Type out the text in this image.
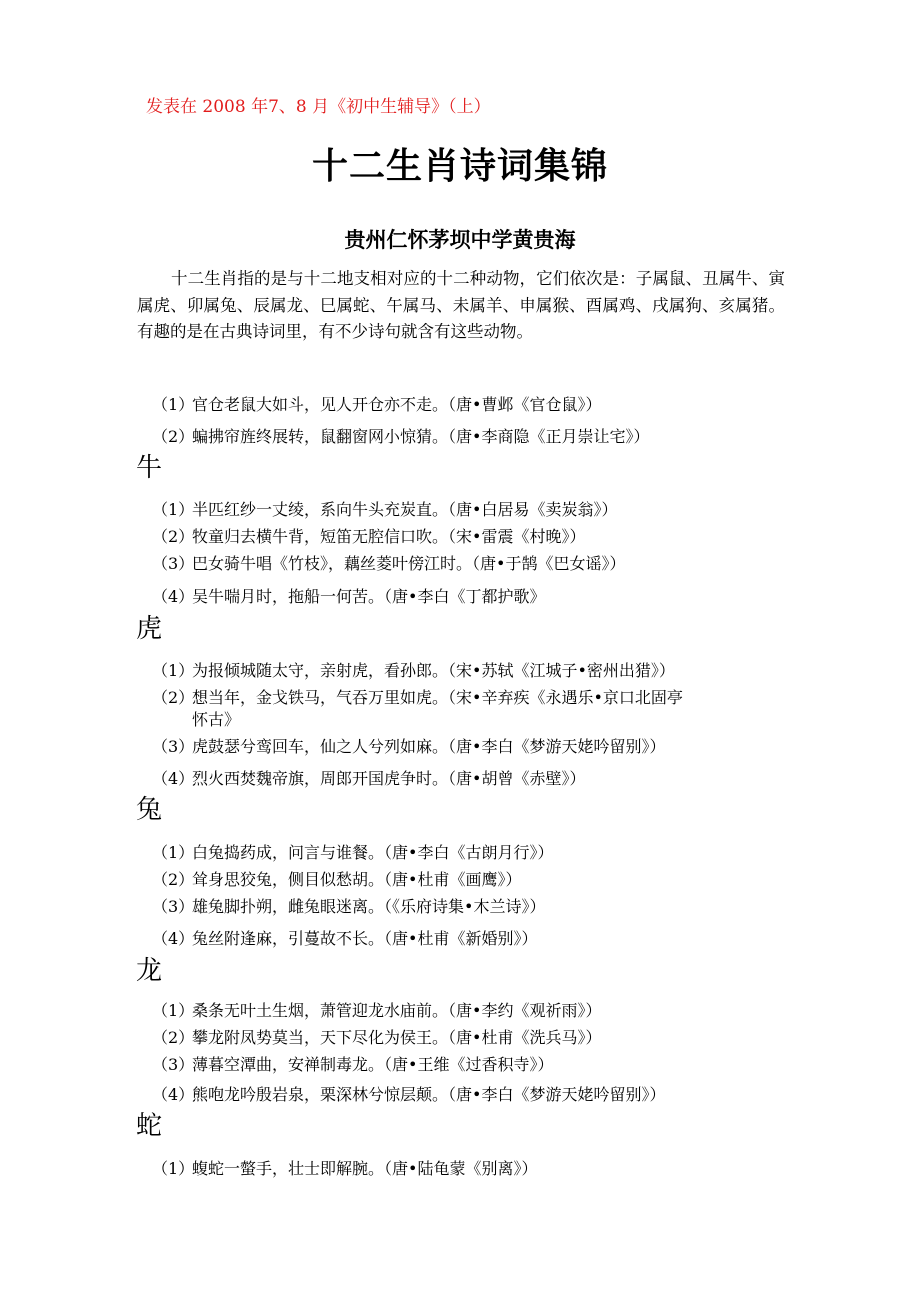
发表在 2008 年7、8 月《初中生辅导》（上）
十二生肖诗词集锦
贵州仁怀茅坝中学黄贵海

十二生肖指的是与十二地支相对应的十二种动物，它们依次是：子属鼠、丑属牛、寅属虎、卯属兔、辰属龙、巳属蛇、午属马、未属羊、申属猴、酉属鸡、戌属狗、亥属猪。有趣的是在古典诗词里，有不少诗句就含有这些动物。

（1）官仓老鼠大如斗，见人开仓亦不走。（唐•曹邺《官仓鼠》）
（2）蝙拂帘旌终展转，鼠翻窗网小惊猜。（唐•李商隐《正月崇让宅》）
牛
（1）半匹红纱一丈绫，系向牛头充炭直。（唐•白居易《卖炭翁》）
（2）牧童归去横牛背，短笛无腔信口吹。（宋•雷震《村晚》）
（3）巴女骑牛唱《竹枝》，藕丝菱叶傍江时。（唐•于鹄《巴女谣》）
（4）吴牛喘月时，拖船一何苦。（唐•李白《丁都护歌》
虎
（1）为报倾城随太守，亲射虎，看孙郎。（宋•苏轼《江城子•密州出猎》）
（2）想当年，金戈铁马，气吞万里如虎。（宋•辛弃疾《永遇乐•京口北固亭
怀古》
（3）虎鼓瑟兮鸾回车，仙之人兮列如麻。（唐•李白《梦游天姥吟留别》）
（4）烈火西焚魏帝旗，周郎开国虎争时。（唐•胡曾《赤壁》）
兔
（1）白兔捣药成，问言与谁餐。（唐•李白《古朗月行》）
（2）耸身思狡兔，侧目似愁胡。（唐•杜甫《画鹰》）
（3）雄兔脚扑朔，雌兔眼迷离。（《乐府诗集•木兰诗》）
（4）兔丝附逢麻，引蔓故不长。（唐•杜甫《新婚别》）
龙
（1）桑条无叶土生烟，萧管迎龙水庙前。（唐•李约《观祈雨》）
（2）攀龙附凤势莫当，天下尽化为侯王。（唐•杜甫《洗兵马》）
（3）薄暮空潭曲，安禅制毒龙。（唐•王维《过香积寺》）
（4）熊咆龙吟殷岩泉，栗深林兮惊层颠。（唐•李白《梦游天姥吟留别》）
蛇
（1）蝮蛇一螫手，壮士即解腕。（唐•陆龟蒙《别离》）
